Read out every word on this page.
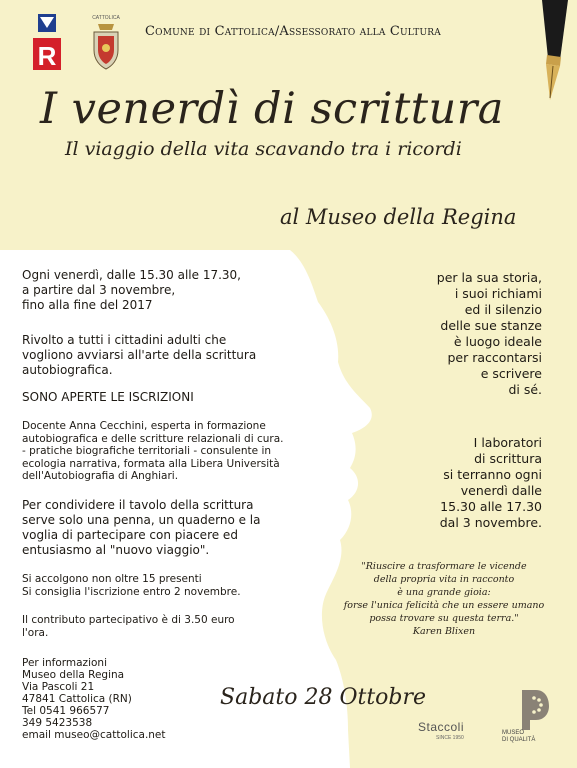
R
CATTOLICA
Comune di Cattolica/Assessorato alla Cultura
I venerdì di scrittura
Il viaggio della vita scavando tra i ricordi
al Museo della Regina
Ogni venerdì, dalle 15.30 alle 17.30,
a partire dal 3 novembre,
fino alla fine del 2017
Rivolto a tutti i cittadini adulti che
vogliono avviarsi all'arte della scrittura
autobiografica.
SONO APERTE LE ISCRIZIONI
Docente Anna Cecchini, esperta in formazione
autobiografica e delle scritture relazionali di cura.
- pratiche biografiche territoriali - consulente in
ecologia narrativa, formata alla Libera Università
dell'Autobiografia di Anghiari.
Per condividere il tavolo della scrittura
serve solo una penna, un quaderno e la
voglia di partecipare con piacere ed
entusiasmo al "nuovo viaggio".
Si accolgono non oltre 15 presenti
Si consiglia l'iscrizione entro 2 novembre.
Il contributo partecipativo è di 3.50 euro
l'ora.
Per informazioni
Museo della Regina
Via Pascoli 21
47841 Cattolica (RN)
Tel 0541 966577
349 5423538
email museo@cattolica.net
per la sua storia,
i suoi richiami
ed il silenzio
delle sue stanze
è luogo ideale
per raccontarsi
e scrivere
di sé.
I laboratori
di scrittura
si terranno ogni
venerdì dalle
15.30 alle 17.30
dal 3 novembre.
"Riuscire a trasformare le vicende
della propria vita in racconto
è una grande gioia:
forse l'unica felicità che un essere umano
possa trovare su questa terra."
Karen Blixen
Sabato 28 Ottobre
Staccoli
SINCE 1950
MUSEO
DI QUALITÀ
